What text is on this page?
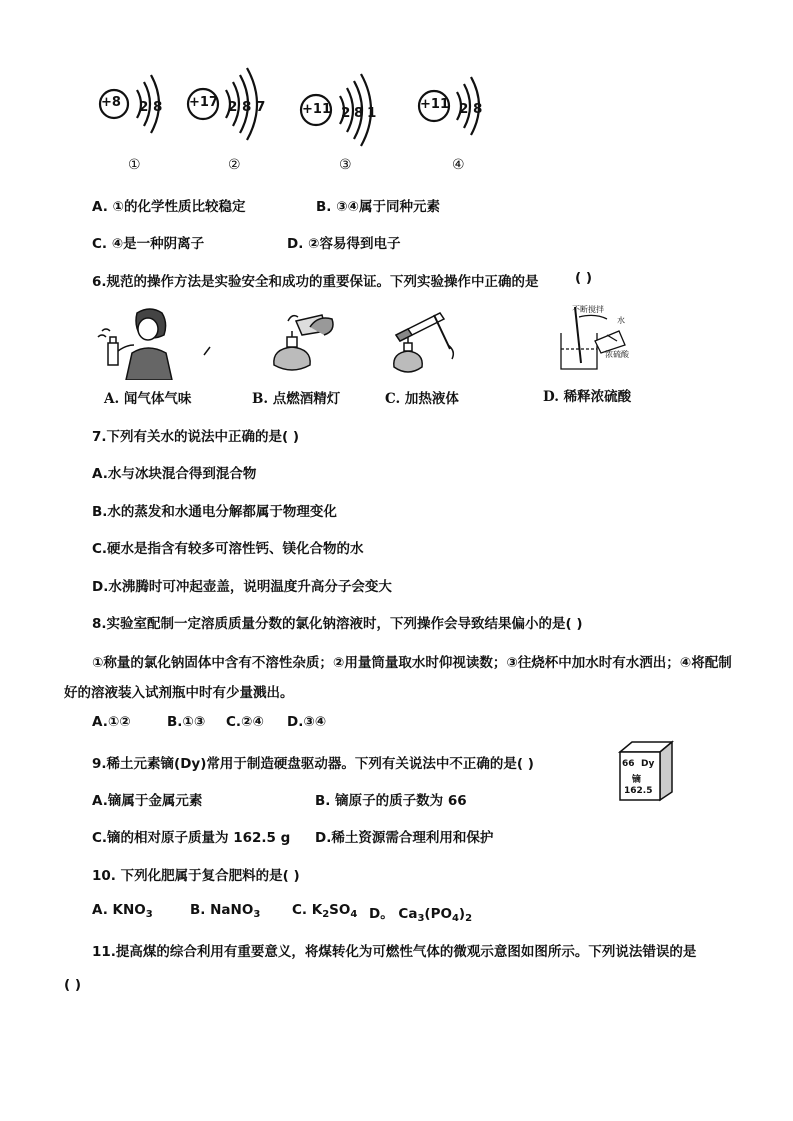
+8 2 8 +17 2 8 7	+11 2 8 1
+11 2 8
①	②	③	④
A. ①的化学性质比较稳定	B. ③④属于同种元素
C. ④是一种阴离子	D. ②容易得到电子
6.规范的操作方法是实验安全和成功的重要保证。下列实验操作中正确的是	( )
不断搅拌
水
浓硫酸
A. 闻气体气味	B. 点燃酒精灯	C. 加热液体	D. 稀释浓硫酸
7.下列有关水的说法中正确的是( )
A.水与冰块混合得到混合物
B.水的蒸发和水通电分解都属于物理变化
C.硬水是指含有较多可溶性钙、镁化合物的水
D.水沸腾时可冲起壶盖，说明温度升高分子会变大
8.实验室配制一定溶质质量分数的氯化钠溶液时，下列操作会导致结果偏小的是( )
①称量的氯化钠固体中含有不溶性杂质；②用量筒量取水时仰视读数；③往烧杯中加水时有水洒出；④将配制好的溶液装入试剂瓶中时有少量溅出。
A.①②	B.①③ C.②④ D.③④
9.稀土元素镝(Dy)常用于制造硬盘驱动器。下列有关说法中不正确的是( )	66 Dy
镝
162.5
A.镝属于金属元素	B. 镝原子的质子数为 66
C.镝的相对原子质量为 162.5 g D.稀土资源需合理利用和保护
10. 下列化肥属于复合肥料的是( )
A. $KNO_3$	B. NaNO$_3$ C. $K_2SO_4$ D。 $Ca_3(PO_4)_2$
11.提高煤的综合利用有重要意义，将煤转化为可燃性气体的微观示意图如图所示。下列说法错误的是
( )
